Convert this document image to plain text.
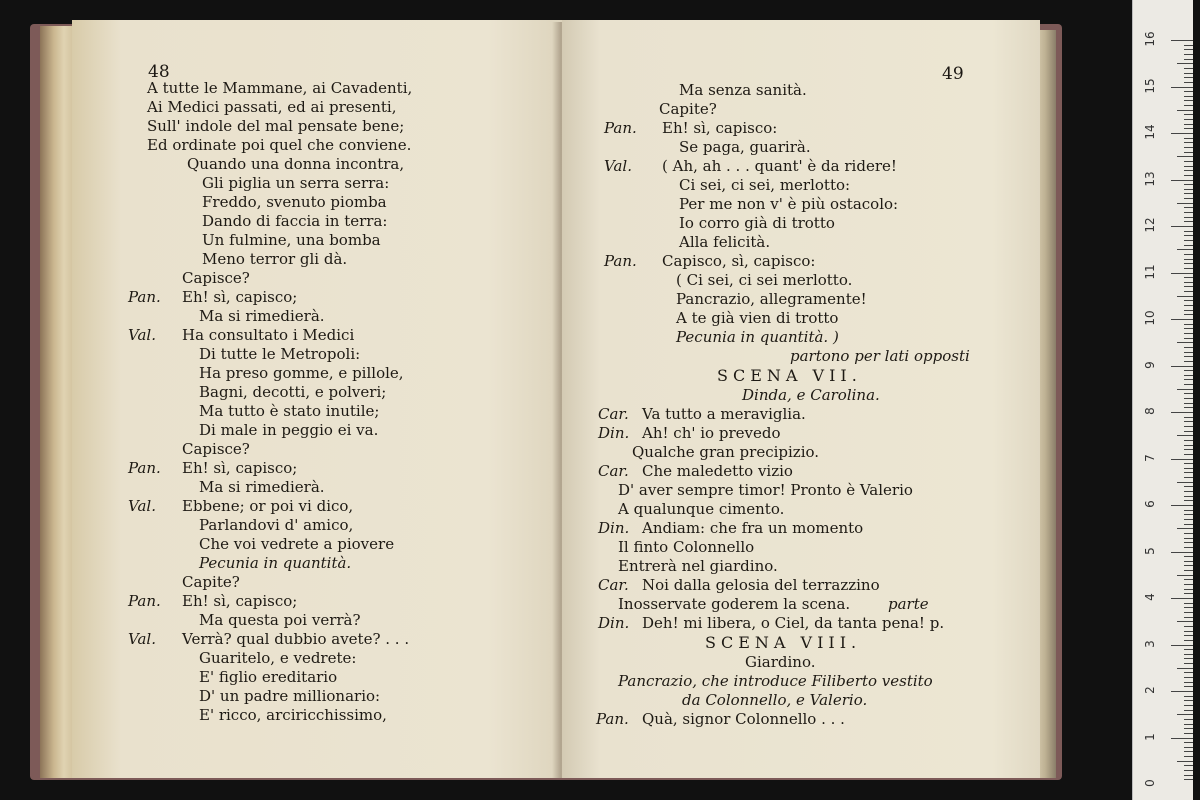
48
A tutte le Mammane, ai Cavadenti,
Ai Medici passati, ed ai presenti,
Sull' indole del mal pensate bene;
Ed ordinate poi quel che conviene.
Quando una donna incontra,
Gli piglia un serra serra:
Freddo, svenuto piomba
Dando di faccia in terra:
Un fulmine, una bomba
Meno terror gli dà.
Capisce?
Pan. Eh! sì, capisco;
Ma si rimedierà.
Val. Ha consultato i Medici
Di tutte le Metropoli:
Ha preso gomme, e pillole,
Bagni, decotti, e polveri;
Ma tutto è stato inutile;
Di male in peggio ei va.
Capisce?
Pan. Eh! sì, capisco;
Ma si rimedierà.
Val. Ebbene; or poi vi dico,
Parlandovi d' amico,
Che voi vedrete a piovere
Pecunia in quantità.
Capite?
Pan. Eh! sì, capisco;
Ma questa poi verrà?
Val. Verrà? qual dubbio avete? . . .
Guaritelo, e vedrete:
E' figlio ereditario
D' un padre millionario:
E' ricco, arciricchissimo,
49
Ma senza sanità.
Capite?
Pan. Eh! sì, capisco:
Se paga, guarirà.
Val. ( Ah, ah . . . quant' è da ridere!
Ci sei, ci sei, merlotto:
Per me non v' è più ostacolo:
Io corro già di trotto
Alla felicità.
Pan. Capisco, sì, capisco:
( Ci sei, ci sei merlotto.
Pancrazio, allegramente!
A te già vien di trotto
Pecunia in quantità. )
partono per lati opposti
SCENA VII.
Dinda, e Carolina.
Car. Va tutto a meraviglia.
Din. Ah! ch' io prevedo
Qualche gran precipizio.
Car. Che maledetto vizio
D' aver sempre timor! Pronto è Valerio
A qualunque cimento.
Din. Andiam: che fra un momento
Il finto Colonnello
Entrerà nel giardino.
Car. Noi dalla gelosia del terrazzino
Inosservate goderem la scena.	parte
Din. Deh! mi libera, o Ciel, da tanta pena! p.
SCENA VIII.
Giardino.
Pancrazio, che introduce Filiberto vestito
da Colonnello, e Valerio.
Pan. Quà, signor Colonnello . . .
16
15
14
13
12
11
10
9
8
7
6
5
4
3
2
1
0
